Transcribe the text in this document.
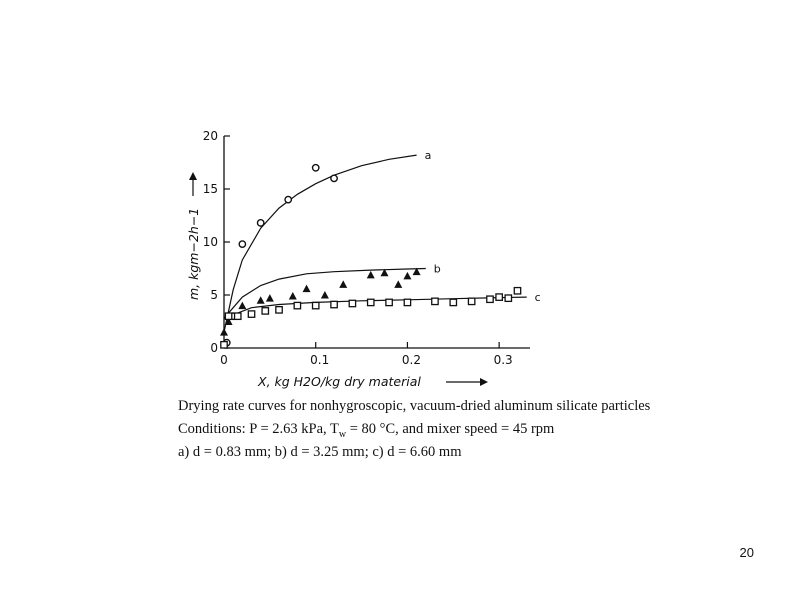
0
5
10
15
20
0	0.1	0.2	0.3
m, kgm−2h−1
X, kg H2O/kg dry material
a
b
c
Drying rate curves for nonhygroscopic, vacuum-dried aluminum silicate particles
Conditions: P = 2.63 kPa, $T_w = 80$ °C, and mixer speed = 45 rpm
a) d = 0.83 mm; b) d = 3.25 mm; c) d = 6.60 mm
20
